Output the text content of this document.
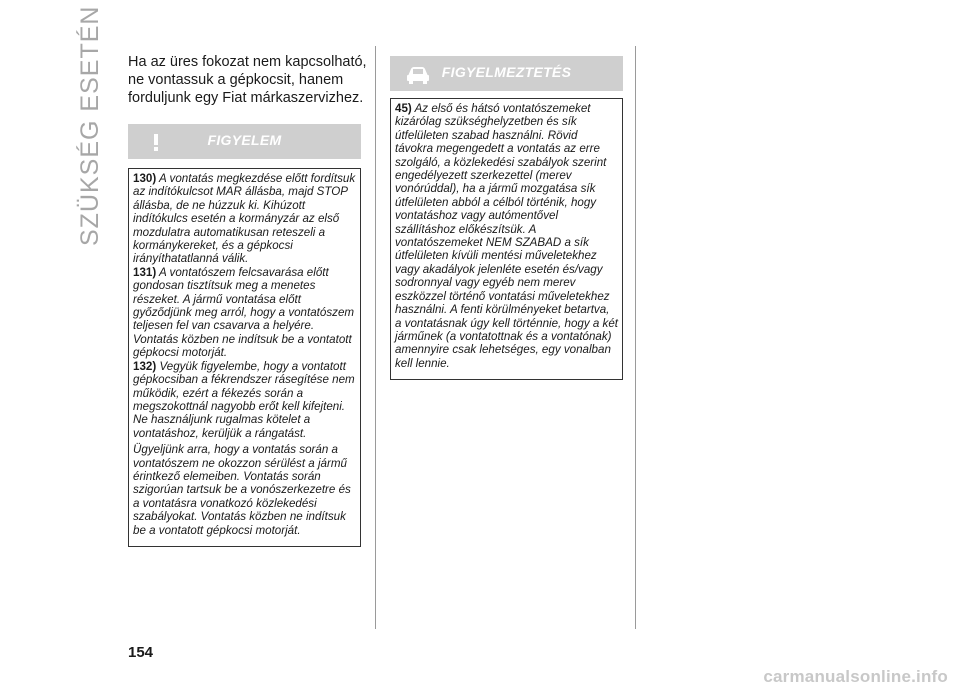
SZÜKSÉG ESETÉN Ha az üres fokozat nem kapcsolható, ne vontassuk a gépkocsit, hanem forduljunk egy Fiat márkaszervizhez.

FIGYELEM

130) A vontatás megkezdése előtt fordítsuk az indítókulcsot MAR állásba, majd STOP állásba, de ne húzzuk ki. Kihúzott indítókulcs esetén a kormányzár az első mozdulatra automatikusan reteszeli a kormánykereket, és a gépkocsi irányíthatatlanná válik.

131) A vontatószem felcsavarása előtt gondosan tisztítsuk meg a menetes részeket. A jármű vontatása előtt győződjünk meg arról, hogy a vontatószem teljesen fel van csavarva a helyére. Vontatás közben ne indítsuk be a vontatott gépkocsi motorját.

132) Vegyük figyelembe, hogy a vontatott gépkocsiban a fékrendszer rásegítése nem működik, ezért a fékezés során a megszokottnál nagyobb erőt kell kifejteni. Ne használjunk rugalmas kötelet a vontatáshoz, kerüljük a rángatást.

Ügyeljünk arra, hogy a vontatás során a vontatószem ne okozzon sérülést a jármű érintkező elemeiben. Vontatás során szigorúan tartsuk be a vonószerkezetre és a vontatásra vonatkozó közlekedési szabályokat. Vontatás közben ne indítsuk be a vontatott gépkocsi motorját.

FIGYELMEZTETÉS

45) Az első és hátsó vontatószemeket kizárólag szükséghelyzetben és sík útfelületen szabad használni. Rövid távokra megengedett a vontatás az erre szolgáló, a közlekedési szabályok szerint engedélyezett szerkezettel (merev vonórúddal), ha a jármű mozgatása sík útfelületen abból a célból történik, hogy vontatáshoz vagy autómentővel szállításhoz előkészítsük. A vontatószemeket NEM SZABAD a sík útfelületen kívüli mentési műveletekhez vagy akadályok jelenléte esetén és/vagy sodronnyal vagy egyéb nem merev eszközzel történő vontatási műveletekhez használni. A fenti körülményeket betartva, a vontatásnak úgy kell történnie, hogy a két járműnek (a vontatottnak és a vontatónak) amennyire csak lehetséges, egy vonalban kell lennie.

154
carmanualsonline.info
